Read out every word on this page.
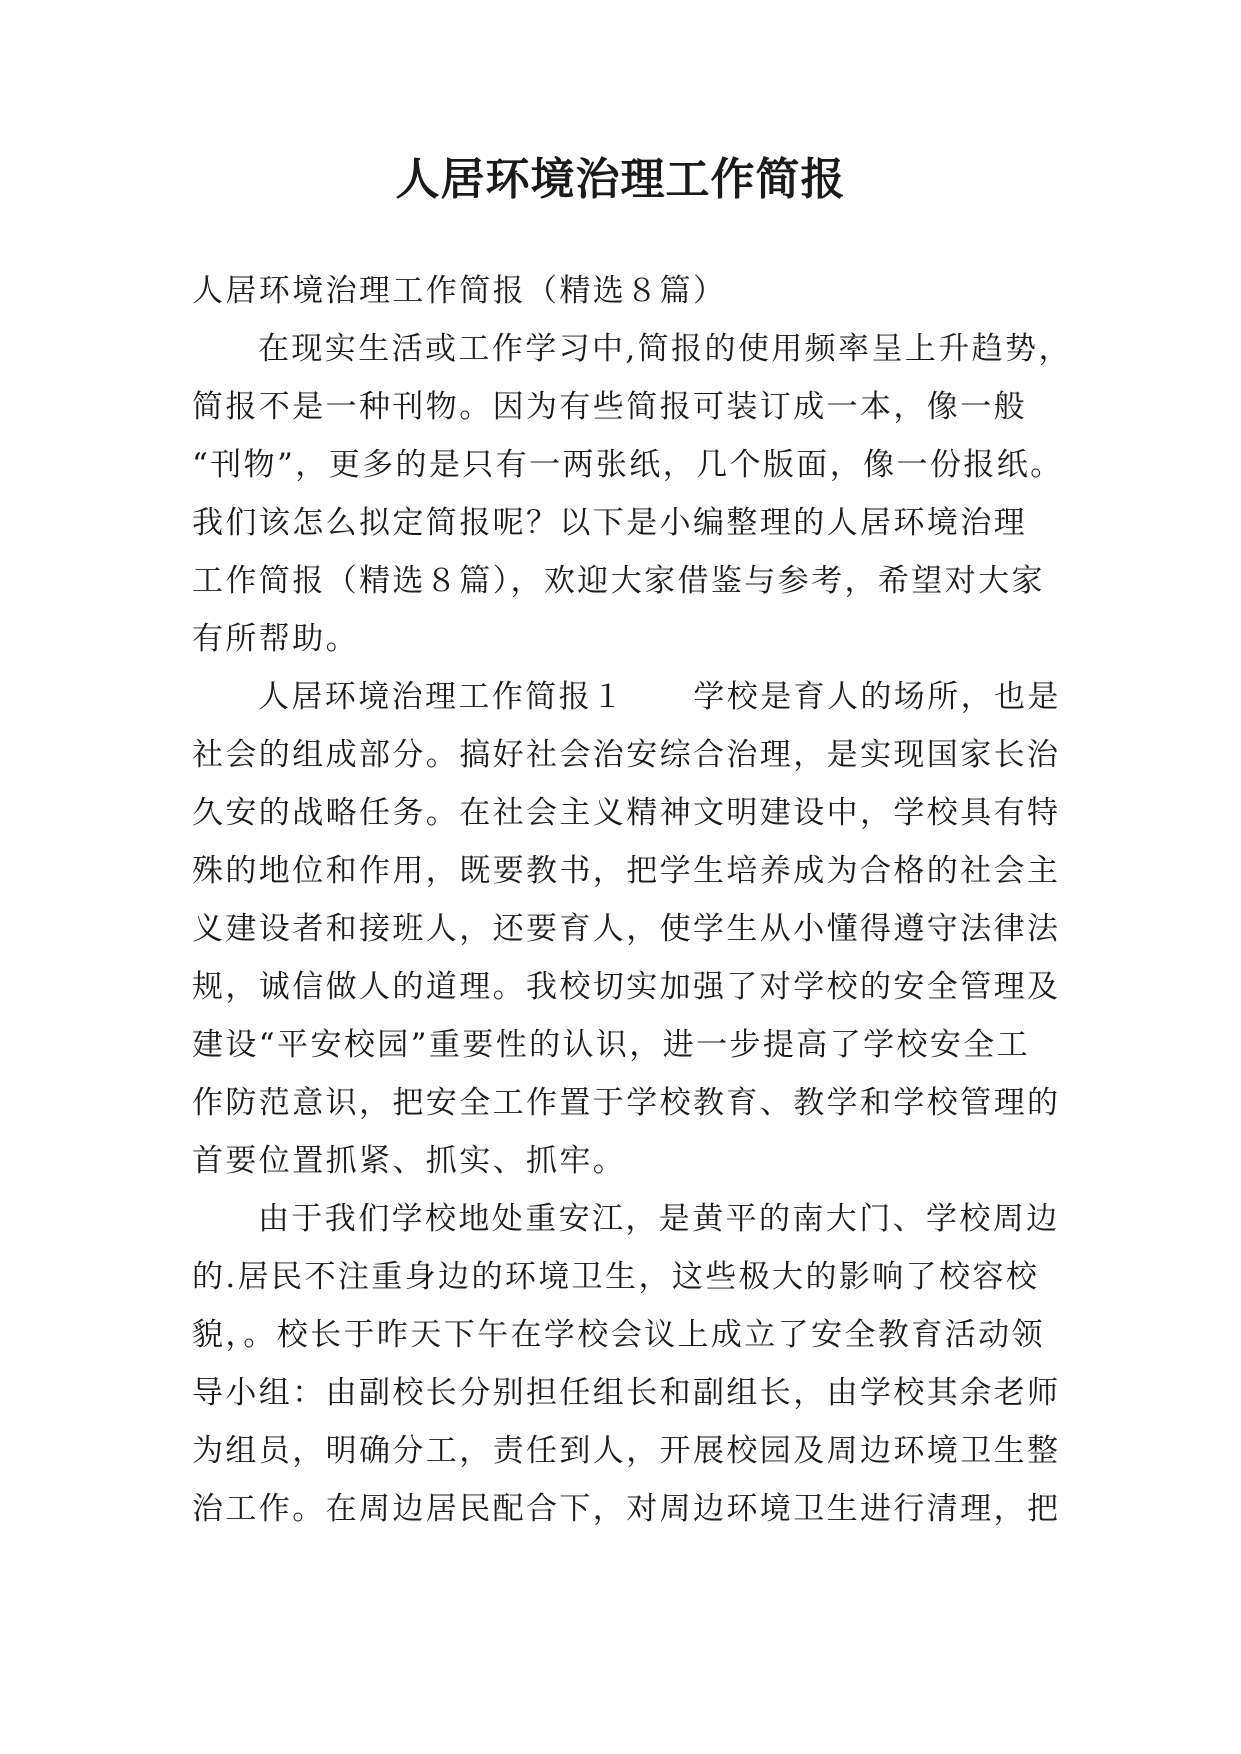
人居环境治理工作简报
人居环境治理工作简报（精选８篇）
在现实生活或工作学习中,简报的使用频率呈上升趋势，
简报不是一种刊物。因为有些简报可装订成一本，像一般
“刊物”，更多的是只有一两张纸，几个版面，像一份报纸。
我们该怎么拟定简报呢？以下是小编整理的人居环境治理
工作简报（精选８篇），欢迎大家借鉴与参考，希望对大家
有所帮助。
人居环境治理工作简报１ 学校是育人的场所，也是
社会的组成部分。搞好社会治安综合治理，是实现国家长治
久安的战略任务。在社会主义精神文明建设中，学校具有特
殊的地位和作用，既要教书，把学生培养成为合格的社会主
义建设者和接班人，还要育人，使学生从小懂得遵守法律法
规，诚信做人的道理。我校切实加强了对学校的安全管理及
建设“平安校园”重要性的认识，进一步提高了学校安全工
作防范意识，把安全工作置于学校教育、教学和学校管理的
首要位置抓紧、抓实、抓牢。
由于我们学校地处重安江，是黄平的南大门、学校周边
的.居民不注重身边的环境卫生，这些极大的影响了校容校
貌，。校长于昨天下午在学校会议上成立了安全教育活动领
导小组：由副校长分别担任组长和副组长，由学校其余老师
为组员，明确分工，责任到人，开展校园及周边环境卫生整
治工作。在周边居民配合下，对周边环境卫生进行清理，把
